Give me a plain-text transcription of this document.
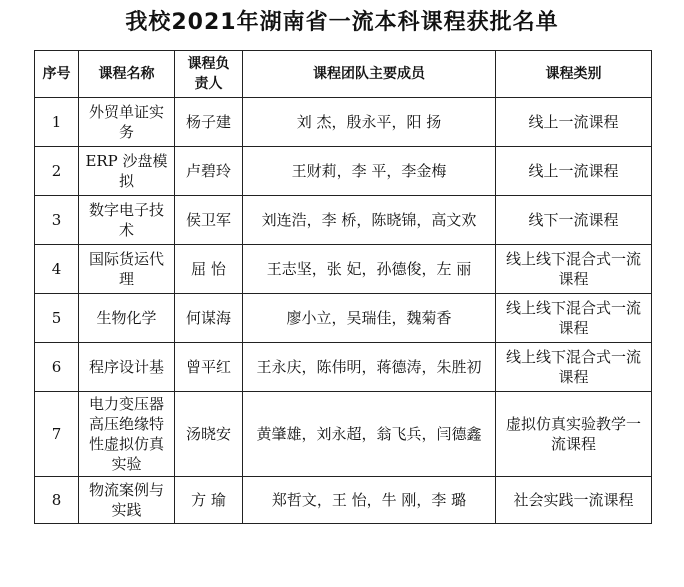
我校2021年湖南省一流本科课程获批名单
序号	课程名称	课程负责人	课程团队主要成员	课程类别
1	外贸单证实务	杨子建	刘 杰，殷永平，阳 扬	线上一流课程
2	ERP 沙盘模拟	卢碧玲	王财莉，李 平，李金梅	线上一流课程
3	数字电子技术	侯卫军	刘连浩，李 桥，陈晓锦，高文欢	线下一流课程
4	国际货运代理	屈 怡	王志坚，张 妃，孙德俊，左 丽	线上线下混合式一流课程
5	生物化学	何谋海	廖小立，吴瑞佳，魏菊香	线上线下混合式一流课程
6	程序设计基	曾平红	王永庆，陈伟明，蒋德涛，朱胜初	线上线下混合式一流课程
7	电力变压器高压绝缘特性虚拟仿真实验	汤晓安	黄肇雄，刘永超，翁飞兵，闫德鑫	虚拟仿真实验教学一流课程
8	物流案例与实践	方 瑜	郑哲文，王 怡，牛 刚，李 璐	社会实践一流课程
